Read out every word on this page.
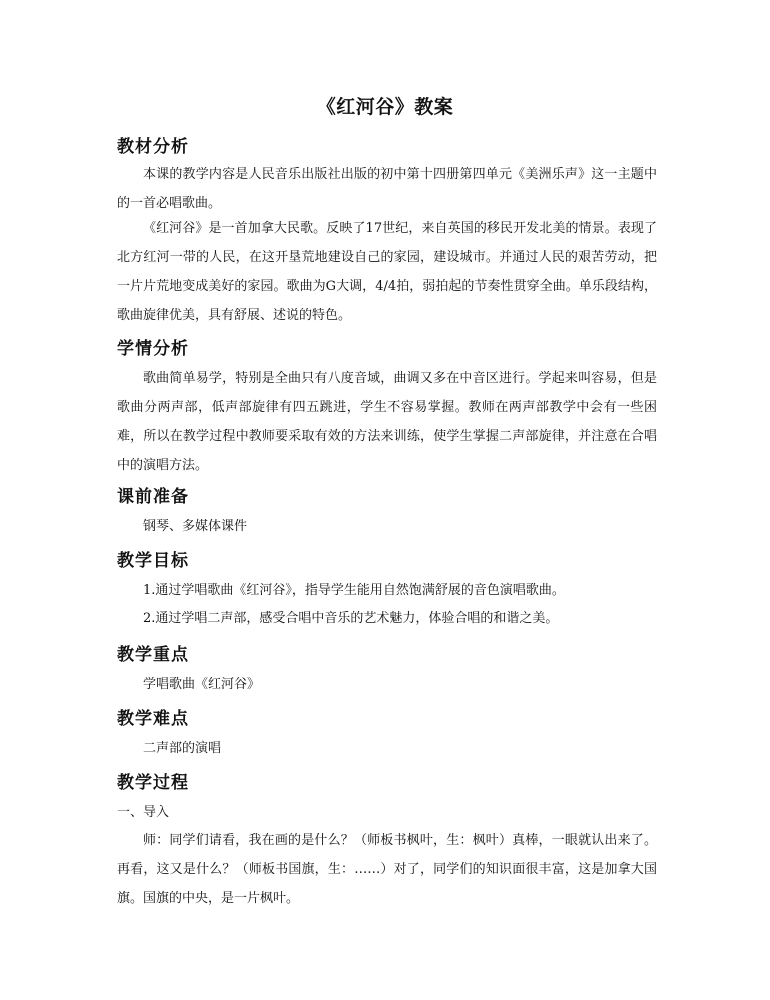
《红河谷》教案
教材分析
本课的教学内容是人民音乐出版社出版的初中第十四册第四单元《美洲乐声》这一主题中的一首必唱歌曲。
《红河谷》是一首加拿大民歌。反映了17世纪，来自英国的移民开发北美的情景。表现了北方红河一带的人民，在这开垦荒地建设自己的家园，建设城市。并通过人民的艰苦劳动，把一片片荒地变成美好的家园。歌曲为G大调，4/4拍，弱拍起的节奏性贯穿全曲。单乐段结构，歌曲旋律优美，具有舒展、述说的特色。
学情分析
歌曲简单易学，特别是全曲只有八度音域，曲调又多在中音区进行。学起来叫容易，但是歌曲分两声部，低声部旋律有四五跳进，学生不容易掌握。教师在两声部教学中会有一些困难，所以在教学过程中教师要采取有效的方法来训练，使学生掌握二声部旋律，并注意在合唱中的演唱方法。
课前准备
钢琴、多媒体课件
教学目标
1.通过学唱歌曲《红河谷》，指导学生能用自然饱满舒展的音色演唱歌曲。
2.通过学唱二声部，感受合唱中音乐的艺术魅力，体验合唱的和谐之美。
教学重点
学唱歌曲《红河谷》
教学难点
二声部的演唱
教学过程
一、导入
师：同学们请看，我在画的是什么？（师板书枫叶，生：枫叶）真棒，一眼就认出来了。再看，这又是什么？（师板书国旗，生：……）对了，同学们的知识面很丰富，这是加拿大国旗。国旗的中央，是一片枫叶。
